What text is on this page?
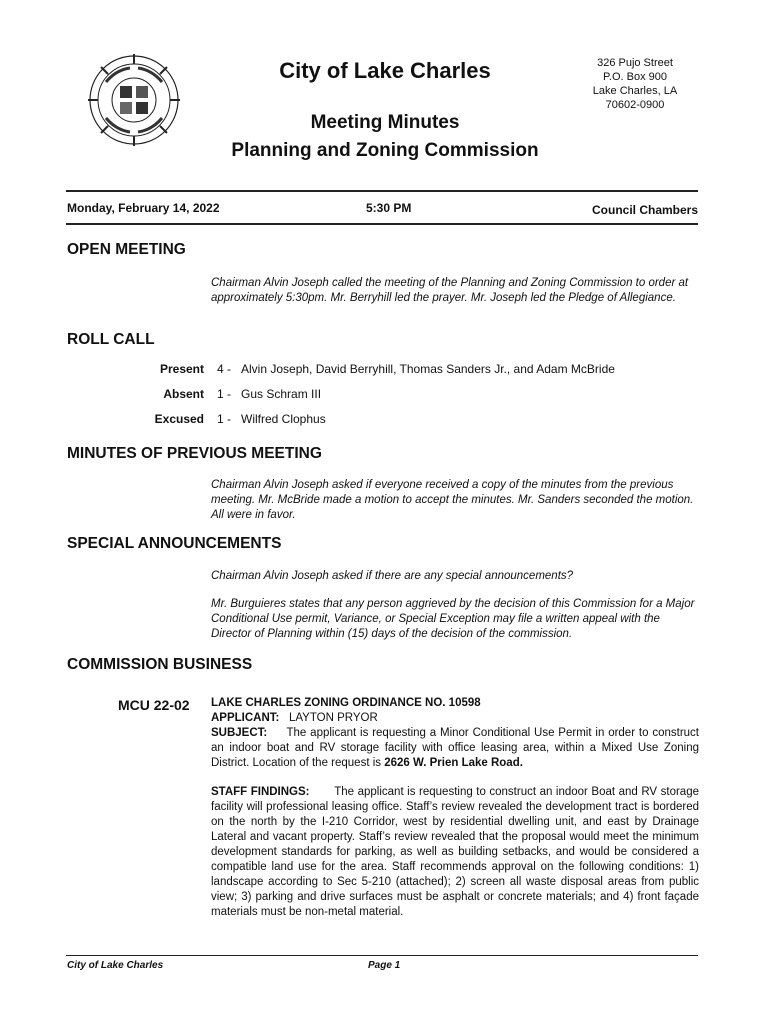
City of Lake Charles	326 Pujo Street
P.O. Box 900
Lake Charles, LA
70602-0900
Meeting Minutes
Planning and Zoning Commission
Monday, February 14, 2022	5:30 PM	Council Chambers
OPEN MEETING
Chairman Alvin Joseph called the meeting of the Planning and Zoning Commission to order at approximately 5:30pm. Mr. Berryhill led the prayer. Mr. Joseph led the Pledge of Allegiance.
ROLL CALL
Present 4 - Alvin Joseph, David Berryhill, Thomas Sanders Jr., and Adam McBride
Absent 1 - Gus Schram III
Excused 1 - Wilfred Clophus
MINUTES OF PREVIOUS MEETING
Chairman Alvin Joseph asked if everyone received a copy of the minutes from the previous meeting. Mr. McBride made a motion to accept the minutes. Mr. Sanders seconded the motion. All were in favor.
SPECIAL ANNOUNCEMENTS
Chairman Alvin Joseph asked if there are any special announcements?
Mr. Burguieres states that any person aggrieved by the decision of this Commission for a Major Conditional Use permit, Variance, or Special Exception may file a written appeal with the Director of Planning within (15) days of the decision of the commission.
COMMISSION BUSINESS
MCU 22-02 LAKE CHARLES ZONING ORDINANCE NO. 10598
APPLICANT: LAYTON PRYOR
SUBJECT: The applicant is requesting a Minor Conditional Use Permit in order to construct an indoor boat and RV storage facility with office leasing area, within a Mixed Use Zoning District. Location of the request is 2626 W. Prien Lake Road.
STAFF FINDINGS: The applicant is requesting to construct an indoor Boat and RV storage facility will professional leasing office. Staff’s review revealed the development tract is bordered on the north by the I-210 Corridor, west by residential dwelling unit, and east by Drainage Lateral and vacant property. Staff’s review revealed that the proposal would meet the minimum development standards for parking, as well as building setbacks, and would be considered a compatible land use for the area. Staff recommends approval on the following conditions: 1) landscape according to Sec 5-210 (attached); 2) screen all waste disposal areas from public view; 3) parking and drive surfaces must be asphalt or concrete materials; and 4) front façade materials must be non-metal material.
City of Lake Charles	Page 1
